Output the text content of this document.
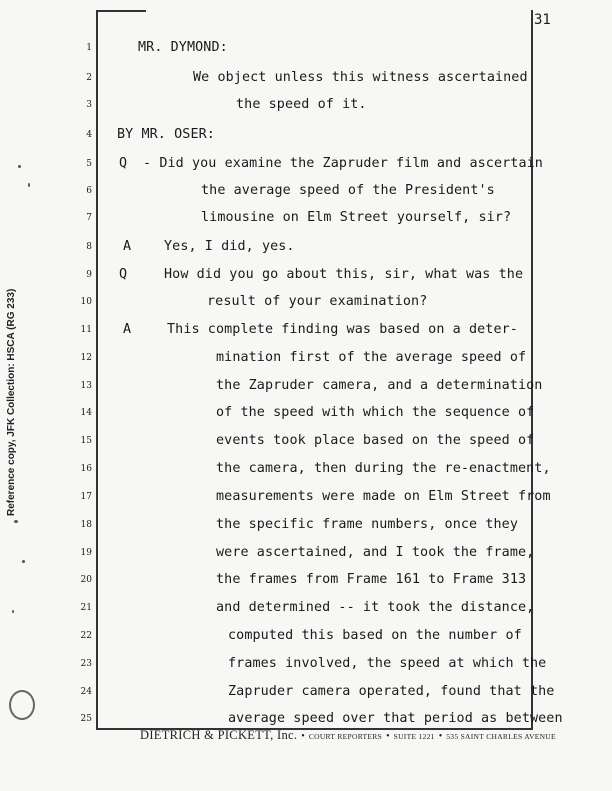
31
Reference copy, JFK Collection: HSCA (RG 233)
1	MR. DYMOND:
2	We object unless this witness ascertained
3	the speed of it.
4 BY MR. OSER:
5 Q - Did you examine the Zapruder film and ascertain
6	the average speed of the President's
7	limousine on Elm Street yourself, sir?
8 A Yes, I did, yes.
9 Q	How did you go about this, sir, what was the
10	result of your examination?
11 A	This complete finding was based on a deter-
12	mination first of the average speed of
13	the Zapruder camera, and a determination
14	of the speed with which the sequence of
15	events took place based on the speed of
16	the camera, then during the re-enactment,
17	measurements were made on Elm Street from
18	the specific frame numbers, once they
19	were ascertained, and I took the frame,
20	the frames from Frame 161 to Frame 313
21	and determined -- it took the distance,
22	computed this based on the number of
23	frames involved, the speed at which the
24	Zapruder camera operated, found that the
25	average speed over that period as between
DIETRICH & PICKETT, Inc. • COURT REPORTERS • SUITE 1221 • 535 SAINT CHARLES AVENUE
